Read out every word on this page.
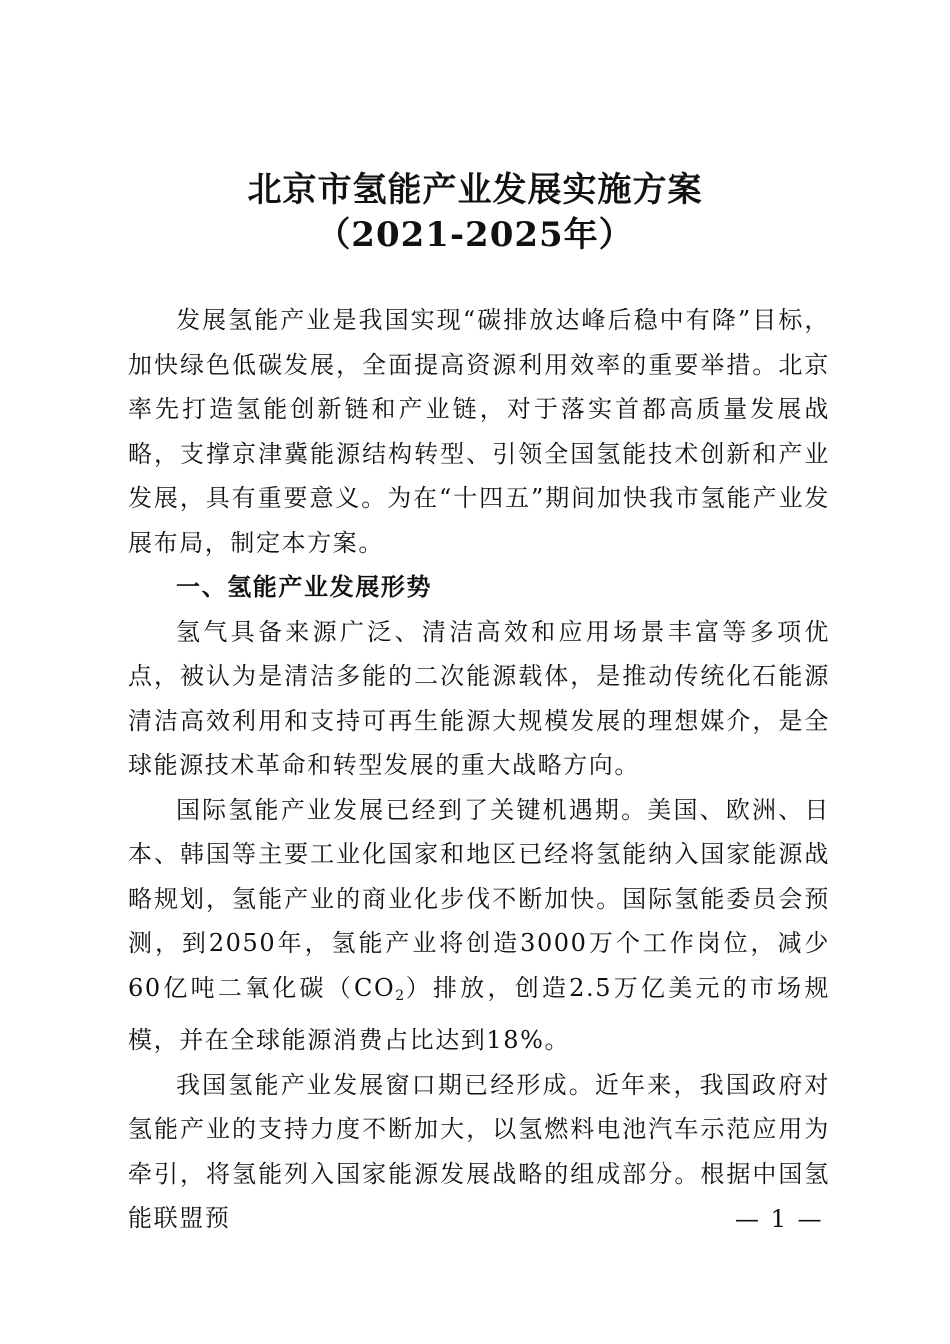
北京市氢能产业发展实施方案
（2021-2025年）

发展氢能产业是我国实现“碳排放达峰后稳中有降”目标，加快绿色低碳发展，全面提高资源利用效率的重要举措。北京率先打造氢能创新链和产业链，对于落实首都高质量发展战略，支撑京津冀能源结构转型、引领全国氢能技术创新和产业发展，具有重要意义。为在“十四五”期间加快我市氢能产业发展布局，制定本方案。

一、氢能产业发展形势

氢气具备来源广泛、清洁高效和应用场景丰富等多项优点，被认为是清洁多能的二次能源载体，是推动传统化石能源清洁高效利用和支持可再生能源大规模发展的理想媒介，是全球能源技术革命和转型发展的重大战略方向。

国际氢能产业发展已经到了关键机遇期。美国、欧洲、日本、韩国等主要工业化国家和地区已经将氢能纳入国家能源战略规划，氢能产业的商业化步伐不断加快。国际氢能委员会预测，到2050年，氢能产业将创造3000万个工作岗位，减少60亿吨二氧化碳$(CO_2)$排放，创造2.5万亿美元的市场规模，并在全球能源消费占比达到18%。

我国氢能产业发展窗口期已经形成。近年来，我国政府对氢能产业的支持力度不断加大，以氢燃料电池汽车示范应用为牵引，将氢能列入国家能源发展战略的组成部分。根据中国氢能联盟预	— 1 —
